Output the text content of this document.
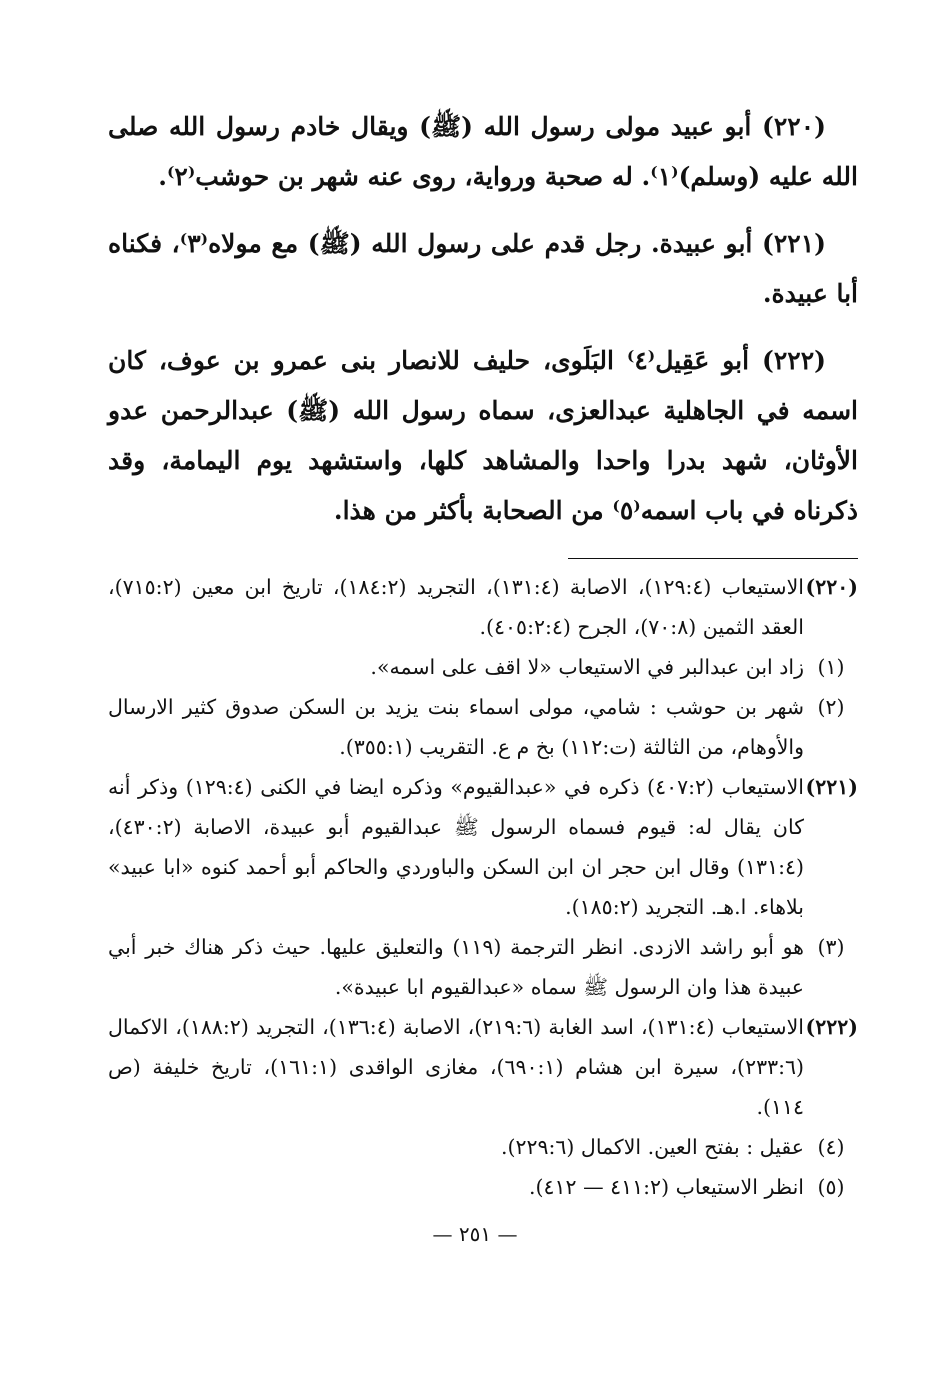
(٢٢٠) أبو عبيد مولى رسول الله (ﷺ) ويقال خادم رسول الله صلى الله عليه (وسلم)⁽١⁾. له صحبة ورواية، روى عنه شهر بن حوشب⁽٢⁾.

(٢٢١) أبو عبيدة. رجل قدم على رسول الله (ﷺ) مع مولاه⁽٣⁾، فكناه أبا عبيدة.

(٢٢٢) أبو عَقِيل⁽٤⁾ البَلَوى، حليف للانصار بنى عمرو بن عوف، كان اسمه في الجاهلية عبدالعزى، سماه رسول الله (ﷺ) عبدالرحمن عدو الأوثان، شهد بدرا واحدا والمشاهد كلها، واستشهد يوم اليمامة، وقد ذكرناه في باب اسمه⁽٥⁾ من الصحابة بأكثر من هذا.

(٢٢٠)
الاستيعاب (١٢٩:٤)، الاصابة (١٣١:٤)، التجريد (١٨٤:٢)، تاريخ ابن معين (٧١٥:٢)، العقد الثمين (٧٠:٨)، الجرح (٤٠٥:٢:٤).
(١)
زاد ابن عبدالبر في الاستيعاب «لا اقف على اسمه».
(٢)
شهر بن حوشب : شامي، مولى اسماء بنت يزيد بن السكن صدوق كثير الارسال والأوهام، من الثالثة (ت:١١٢) بخ م ع. التقريب (٣٥٥:١).
(٢٢١)
الاستيعاب (٤٠٧:٢) ذكره في «عبدالقيوم» وذكره ايضا في الكنى (١٢٩:٤) وذكر أنه كان يقال له: قيوم فسماه الرسول ﷺ عبدالقيوم أبو عبيدة، الاصابة (٤٣٠:٢)، (١٣١:٤) وقال ابن حجر ان ابن السكن والباوردي والحاكم أبو أحمد كنوه «ابا عبيد» بلاهاء. ا.هـ. التجريد (١٨٥:٢).
(٣)
هو أبو راشد الازدى. انظر الترجمة (١١٩) والتعليق عليها. حيث ذكر هناك خبر أبي عبيدة هذا وان الرسول ﷺ سماه «عبدالقيوم ابا عبيدة».
(٢٢٢)
الاستيعاب (١٣١:٤)، اسد الغابة (٢١٩:٦)، الاصابة (١٣٦:٤)، التجريد (١٨٨:٢)، الاكمال (٢٣٣:٦)، سيرة ابن هشام (٦٩٠:١)، مغازى الواقدى (١٦١:١)، تاريخ خليفة (ص ١١٤).
(٤)
عقيل : بفتح العين. الاكمال (٢٢٩:٦).
(٥)
انظر الاستيعاب (٤١١:٢ — ٤١٢).
— ٢٥١ —
